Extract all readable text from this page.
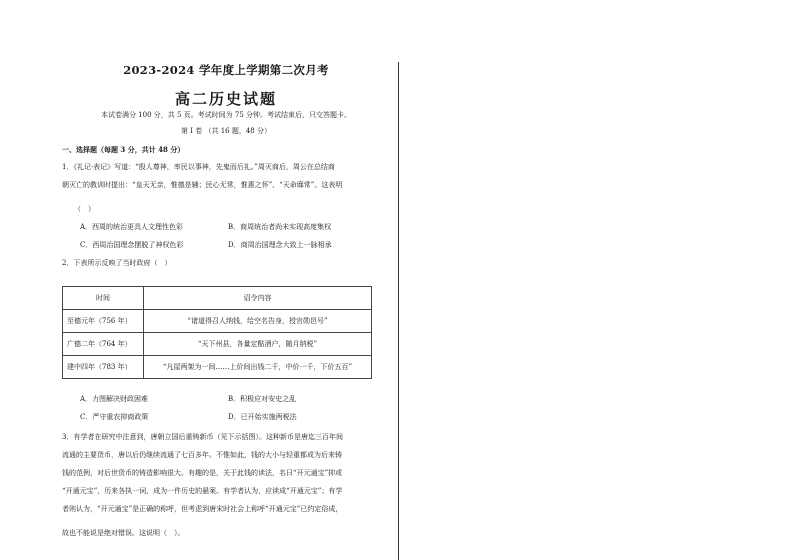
2023-2024 学年度上学期第二次月考
高二历史试题
本试卷满分 100 分，共 5 页。考试时间为 75 分钟。考试结束后，只交答题卡。
第 I 卷 （共 16 题，48 分）
一、选择题（每题 3 分，共计 48 分）
1．《礼记·表记》写道：“殷人尊神，率民以事神，先鬼而后礼。”周灭商后，周公在总结商
朝灭亡的教训时提出：“皇天无亲，惟德是辅；民心无常，惟惠之怀”、“天命靡常”。这表明
（　）
A．西周的统治更具人文理性色彩	B．商周统治者尚未实现高度集权
C．西周治国理念摆脱了神权色彩	D．商周治国理念大致上一脉相承
2．下表所示反映了当时政府（　）
时间	诏令内容
至德元年（756 年）	“诸道得召人纳钱，给空名告身，授官勋邑号”
广德二年（764 年）	“天下州县，各量定酤酒户，随月纳税”
建中四年（783 年）	“凡屋两架为一间……上价间出钱二千，中价一千，下价五百”
A．力图解决财政困难	B．积极应对安史之乱
C．严守重农抑商政策	D．已开始实施两税法
3．有学者在研究中注意到，唐朝立国后重铸新币（见下示括图）。这种新币是唐迄三百年间
流通的主要货币，唐以后仍继续流通了七百多年。不惟如此，钱的大小与轻重都成为后来铸
钱的范例，对后世货币的铸造影响很大。有趣的是，关于此钱的读法，名曰“开元通宝”抑或
“开通元宝”，历来各执一词，成为一件历史的悬案。有学者认为，应读成“开通元宝”；有学
者则认为，“开元通宝”是正确的称呼，但考虑到唐宋时社会上称呼“开通元宝”已约定俗成，
故也不能说是绝对错误。这说明（　）。
